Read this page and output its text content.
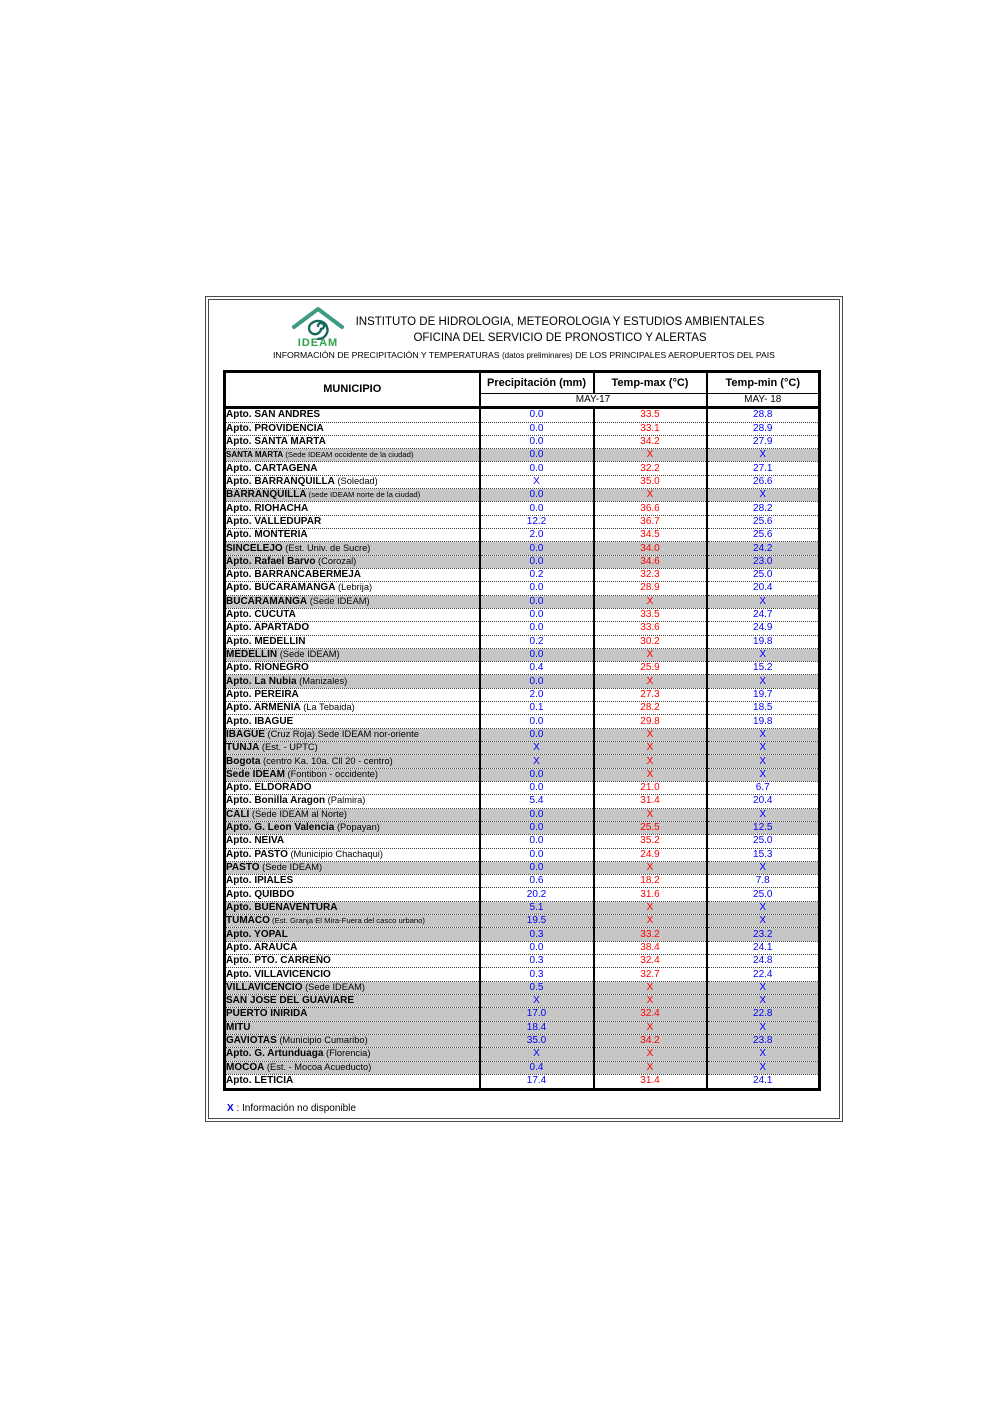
IDEAM
INSTITUTO DE HIDROLOGIA, METEOROLOGIA Y ESTUDIOS AMBIENTALES
OFICINA DEL SERVICIO DE PRONOSTICO Y ALERTAS
INFORMACIÓN DE PRECIPITACIÓN Y TEMPERATURAS (datos preliminares) DE LOS PRINCIPALES AEROPUERTOS DEL PAIS
MUNICIPIO	Precipitación (mm)	Temp-max (°C)	Temp-min (°C)
	MAY-17		MAY- 18
Apto. SAN ANDRES	0.0	33.5	28.8
Apto. PROVIDENCIA	0.0	33.1	28.9
Apto. SANTA MARTA	0.0	34.2	27.9
SANTA MARTA (Sede IDEAM occidente de la ciudad)	0.0	X	X
Apto. CARTAGENA	0.0	32.2	27.1
Apto. BARRANQUILLA (Soledad)	X	35.0	26.6
BARRANQUILLA (sede IDEAM norte de la ciudad)	0.0	X	X
Apto. RIOHACHA	0.0	36.6	28.2
Apto. VALLEDUPAR	12.2	36.7	25.6
Apto. MONTERIA	2.0	34.5	25.6
SINCELEJO (Est. Univ. de Sucre)	0.0	34.0	24.2
Apto. Rafael Barvo (Corozal)	0.0	34.6	23.0
Apto. BARRANCABERMEJA	0.2	32.3	25.0
Apto. BUCARAMANGA (Lebrija)	0.0	28.9	20.4
BUCARAMANGA (Sede IDEAM)	0.0	X	X
Apto. CUCUTA	0.0	33.5	24.7
Apto. APARTADO	0.0	33.6	24.9
Apto. MEDELLIN	0.2	30.2	19.8
MEDELLIN (Sede IDEAM)	0.0	X	X
Apto. RIONEGRO	0.4	25.9	15.2
Apto. La Nubia (Manizales)	0.0	X	X
Apto. PEREIRA	2.0	27.3	19.7
Apto. ARMENIA (La Tebaida)	0.1	28.2	18.5
Apto. IBAGUE	0.0	29.8	19.8
IBAGUE (Cruz Roja) Sede IDEAM nor-oriente	0.0	X	X
TUNJA (Est. - UPTC)	X	X	X
Bogota (centro Ka. 10a. Cll 20 - centro)	X	X	X
Sede IDEAM (Fontibon - occidente)	0.0	X	X
Apto. ELDORADO	0.0	21.0	6.7
Apto. Bonilla Aragon (Palmira)	5.4	31.4	20.4
CALI (Sede IDEAM al Norte)	0.0	X	X
Apto. G. Leon Valencia (Popayan)	0.0	25.5	12.5
Apto. NEIVA	0.0	35.2	25.0
Apto. PASTO (Municipio Chachaqui)	0.0	24.9	15.3
PASTO (Sede IDEAM)	0.0	X	X
Apto. IPIALES	0.6	18.2	7.8
Apto. QUIBDO	20.2	31.6	25.0
Apto. BUENAVENTURA	5.1	X	X
TUMACO (Est. Granja El Mira-Fuera del casco urbano)	19.5	X	X
Apto. YOPAL	0.3	33.2	23.2
Apto. ARAUCA	0.0	38.4	24.1
Apto. PTO. CARREÑO	0.3	32.4	24.8
Apto. VILLAVICENCIO	0.3	32.7	22.4
VILLAVICENCIO (Sede IDEAM)	0.5	X	X
SAN JOSE DEL GUAVIARE	X	X	X
PUERTO INIRIDA	17.0	32.4	22.8
MITU	18.4	X	X
GAVIOTAS (Municipio Cumaribo)	35.0	34.2	23.8
Apto. G. Artunduaga (Florencia)	X	X	X
MOCOA (Est. - Mocoa Acueducto)	0.4	X	X
Apto. LETICIA	17.4	31.4	24.1
X : Información no disponible
